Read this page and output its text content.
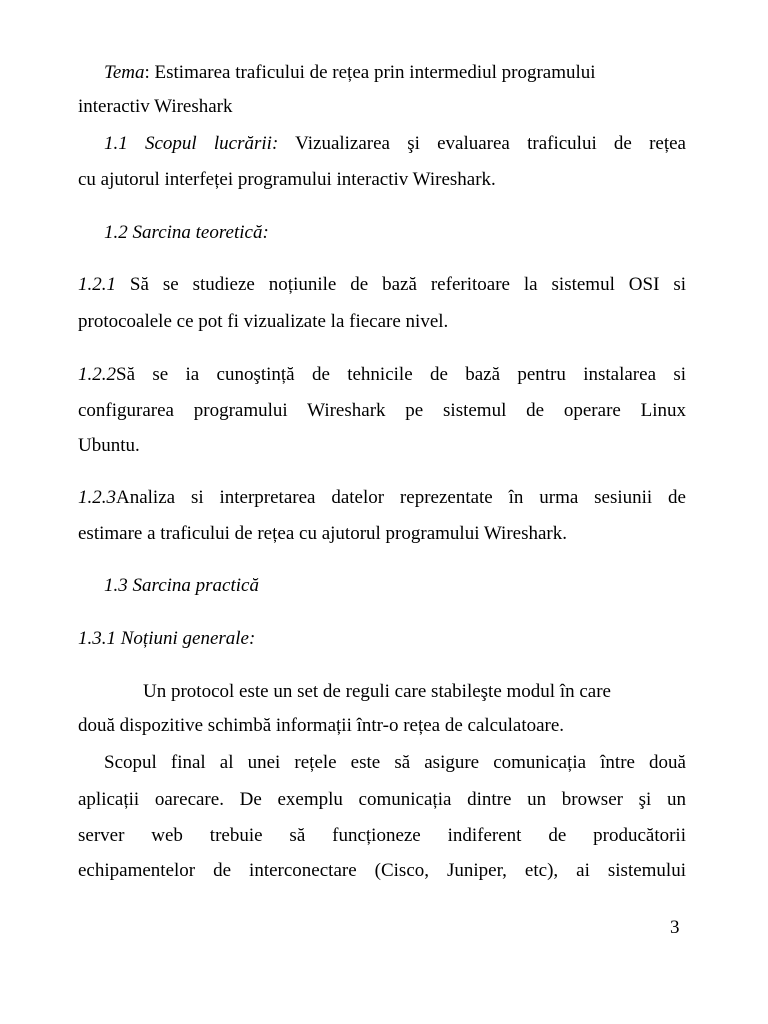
Tema: Estimarea traficului de rețea prin intermediul programului
interactiv Wireshark
1.1 Scopul lucrării: Vizualizarea şi evaluarea traficului de rețea
cu ajutorul interfeței programului interactiv Wireshark.
1.2 Sarcina teoretică:
1.2.1 Să se studieze noțiunile de bază referitoare la sistemul OSI si
protocoalele ce pot fi vizualizate la fiecare nivel.
1.2.2Să se ia cunoştință de tehnicile de bază pentru instalarea si
configurarea programului Wireshark pe sistemul de operare Linux
Ubuntu.
1.2.3Analiza si interpretarea datelor reprezentate în urma sesiunii de
estimare a traficului de rețea cu ajutorul programului Wireshark.
1.3 Sarcina practică
1.3.1 Noțiuni generale:
Un protocol este un set de reguli care stabileşte modul în care
două dispozitive schimbă informații într-o rețea de calculatoare.
Scopul final al unei rețele este să asigure comunicația între două
aplicații oarecare. De exemplu comunicația dintre un browser şi un
server web trebuie să funcționeze indiferent de producătorii
echipamentelor de interconectare (Cisco, Juniper, etc), ai sistemului
3
